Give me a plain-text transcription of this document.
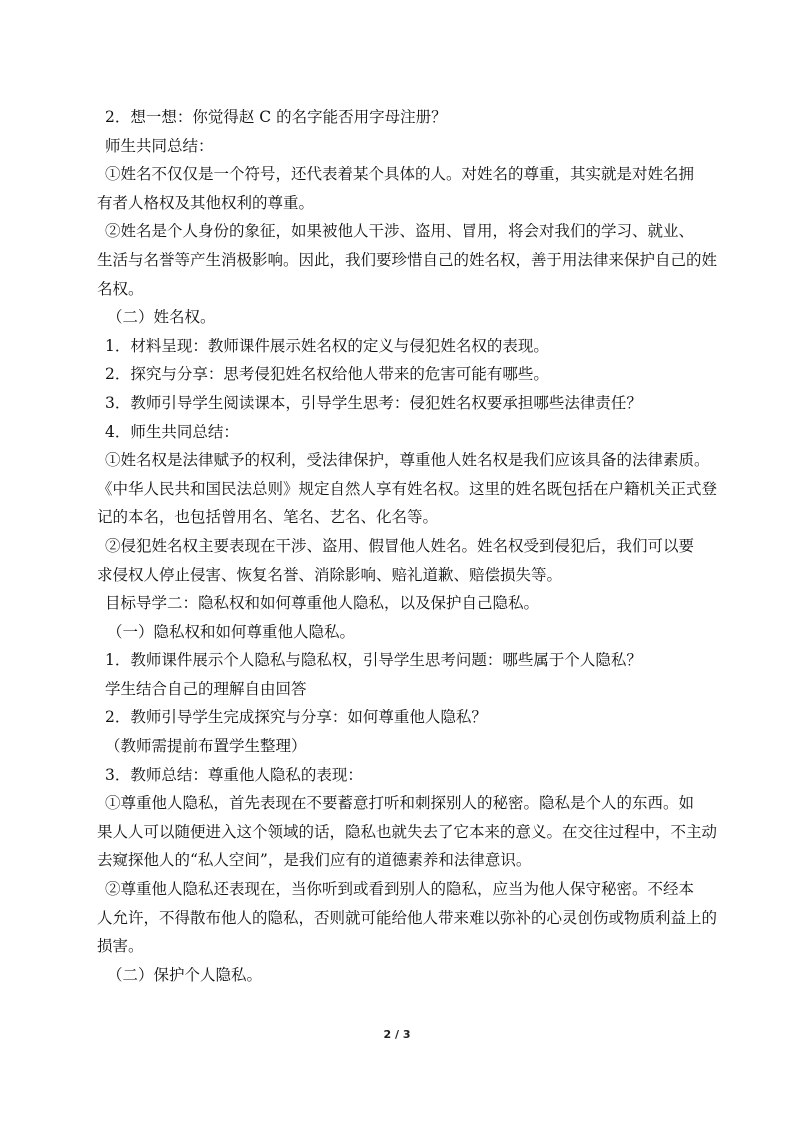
2．想一想：你觉得赵 C 的名字能否用字母注册？
师生共同总结：
①姓名不仅仅是一个符号，还代表着某个具体的人。对姓名的尊重，其实就是对姓名拥
有者人格权及其他权利的尊重。
②姓名是个人身份的象征，如果被他人干涉、盗用、冒用，将会对我们的学习、就业、
生活与名誉等产生消极影响。因此，我们要珍惜自己的姓名权，善于用法律来保护自己的姓
名权。
（二）姓名权。
1．材料呈现：教师课件展示姓名权的定义与侵犯姓名权的表现。
2．探究与分享：思考侵犯姓名权给他人带来的危害可能有哪些。
3．教师引导学生阅读课本，引导学生思考：侵犯姓名权要承担哪些法律责任？
4．师生共同总结：
①姓名权是法律赋予的权利，受法律保护，尊重他人姓名权是我们应该具备的法律素质。
《中华人民共和国民法总则》规定自然人享有姓名权。这里的姓名既包括在户籍机关正式登
记的本名，也包括曾用名、笔名、艺名、化名等。
②侵犯姓名权主要表现在干涉、盗用、假冒他人姓名。姓名权受到侵犯后，我们可以要
求侵权人停止侵害、恢复名誉、消除影响、赔礼道歉、赔偿损失等。
目标导学二：隐私权和如何尊重他人隐私，以及保护自己隐私。
（一）隐私权和如何尊重他人隐私。
1．教师课件展示个人隐私与隐私权，引导学生思考问题：哪些属于个人隐私？
学生结合自己的理解自由回答
2．教师引导学生完成探究与分享：如何尊重他人隐私？
（教师需提前布置学生整理）
3．教师总结：尊重他人隐私的表现：
①尊重他人隐私，首先表现在不要蓄意打听和刺探别人的秘密。隐私是个人的东西。如
果人人可以随便进入这个领域的话，隐私也就失去了它本来的意义。在交往过程中，不主动
去窥探他人的“私人空间”，是我们应有的道德素养和法律意识。
②尊重他人隐私还表现在，当你听到或看到别人的隐私，应当为他人保守秘密。不经本
人允许，不得散布他人的隐私，否则就可能给他人带来难以弥补的心灵创伤或物质利益上的
损害。
（二）保护个人隐私。
2 / 3
